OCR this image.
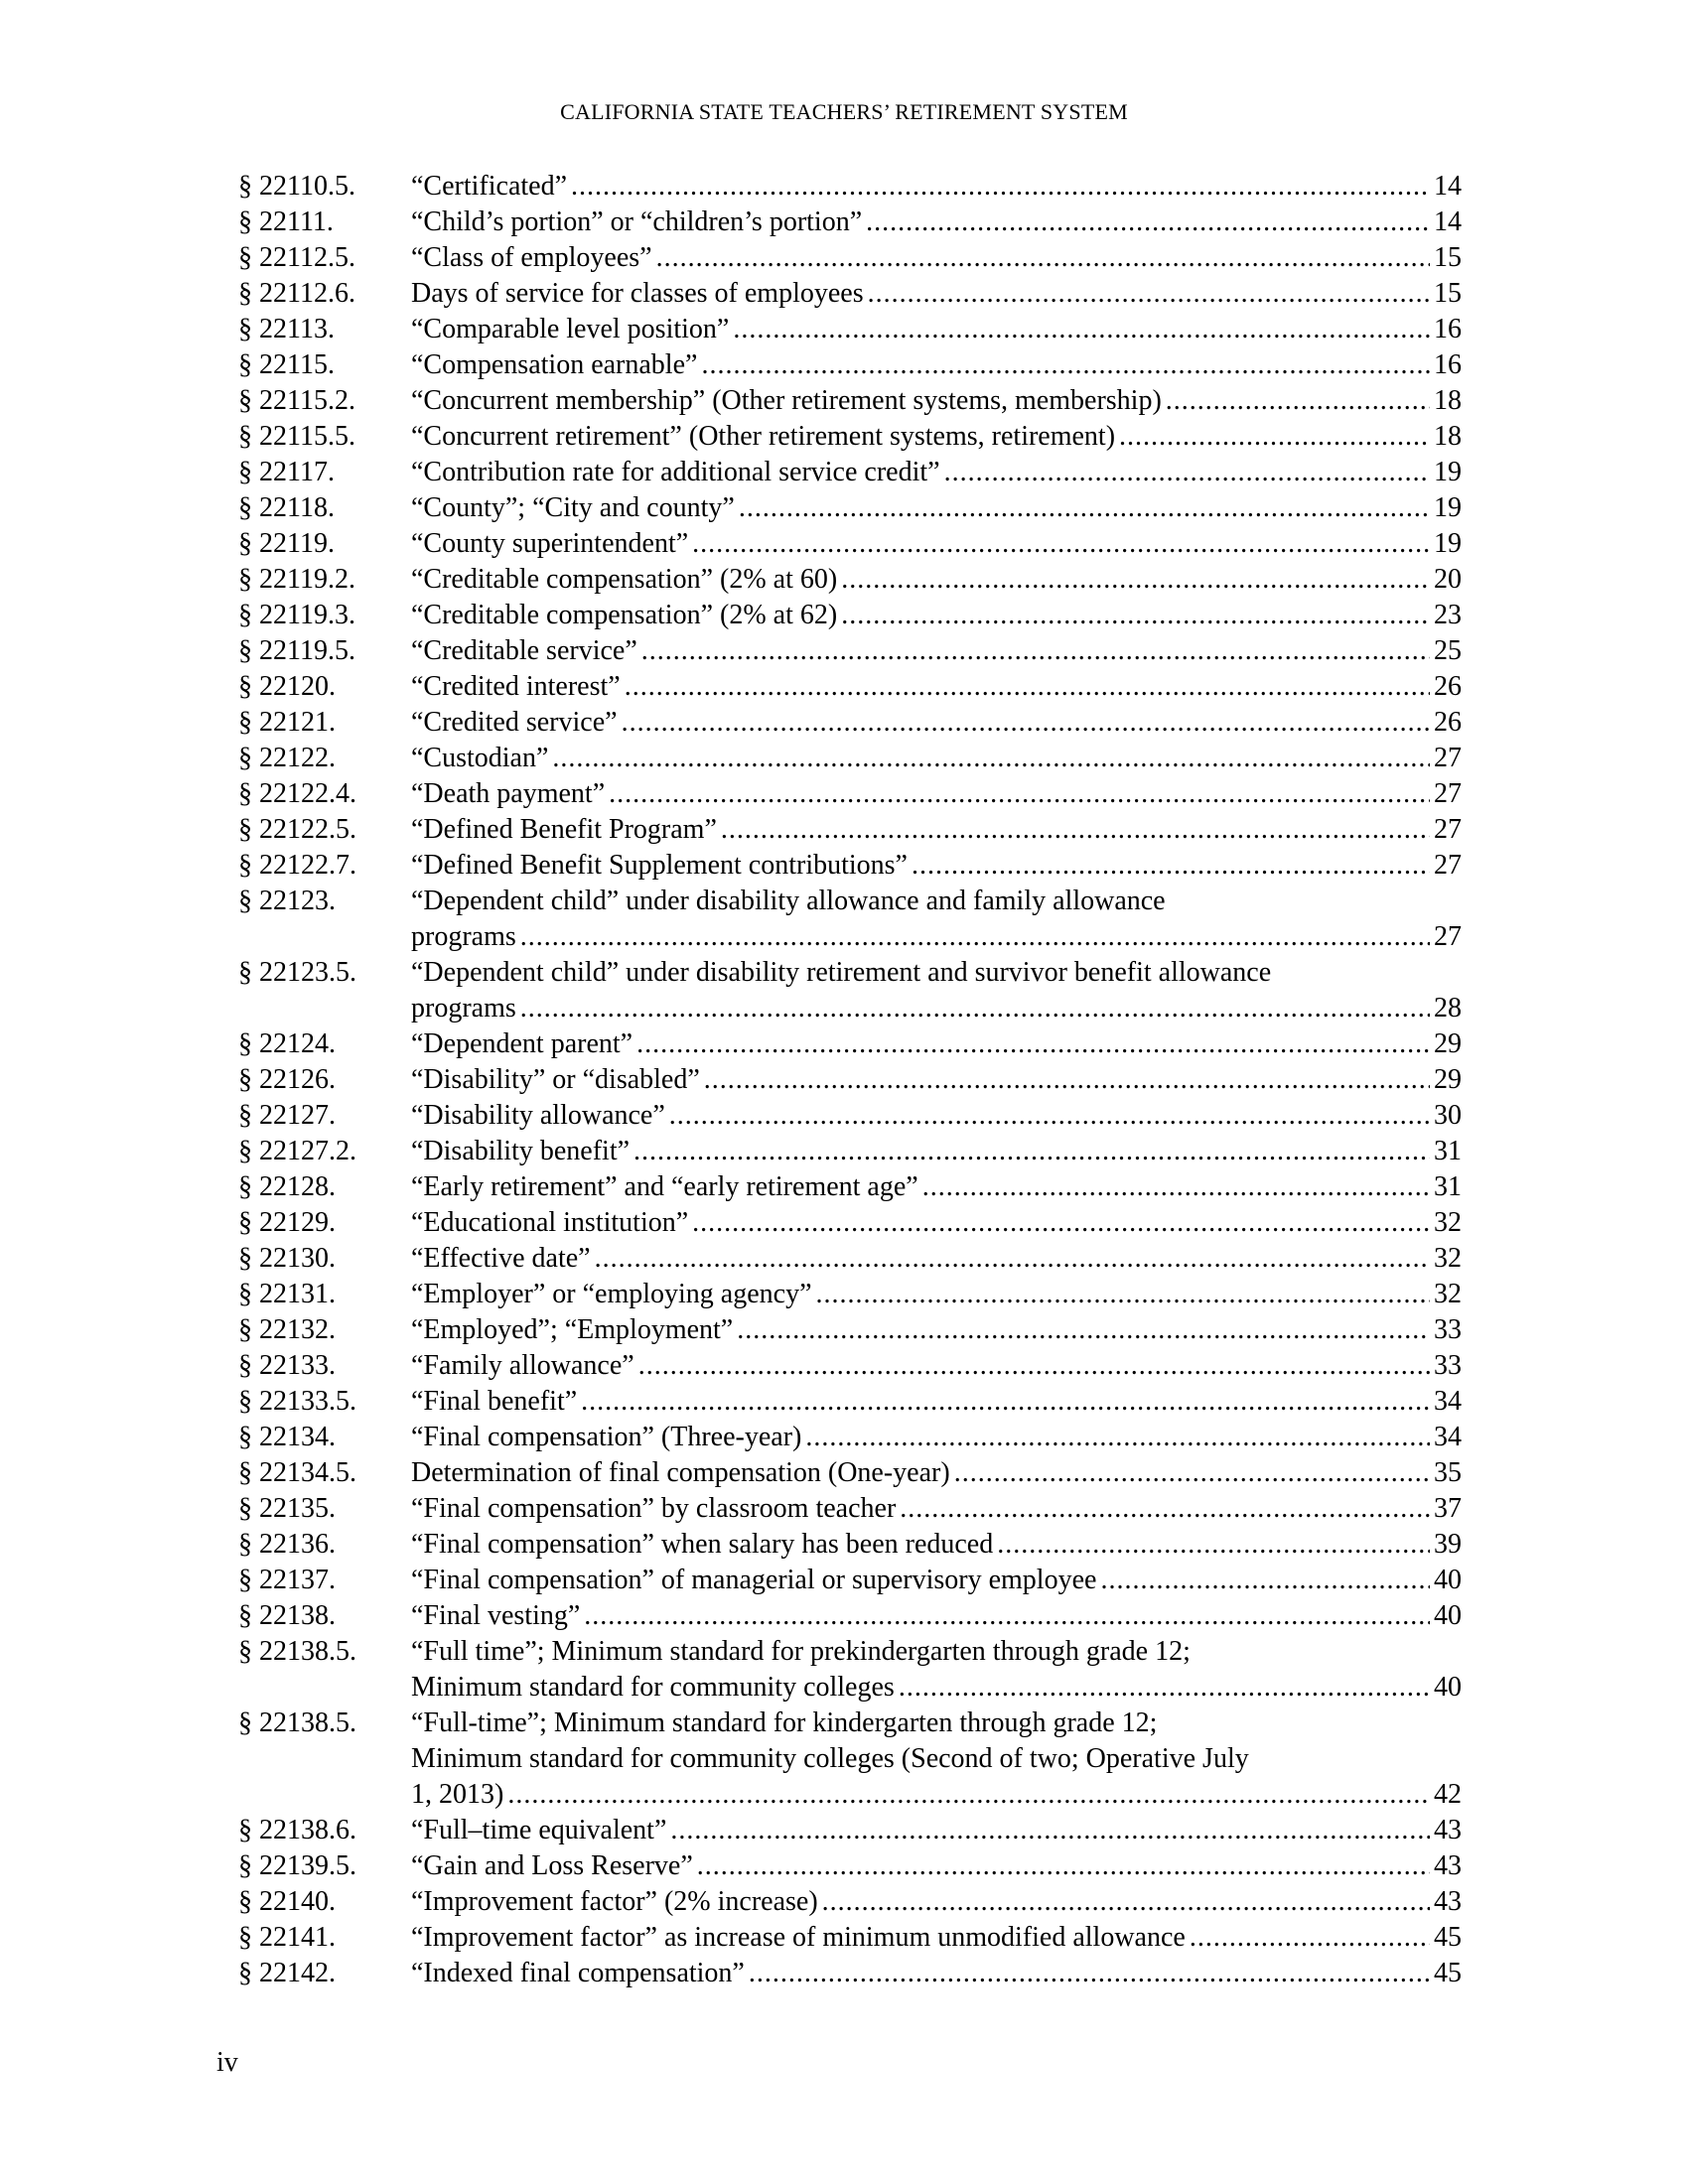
CALIFORNIA STATE TEACHERS’ RETIREMENT SYSTEM
§ 22110.5.	“Certificated” . . .	14
§ 22111.	“Child’s portion” or “children’s portion” . . .	14
§ 22112.5.	“Class of employees” . . .	15
§ 22112.6.	Days of service for classes of employees . . .	15
§ 22113.	“Comparable level position” . . .	16
§ 22115.	“Compensation earnable” . . .	16
§ 22115.2.	“Concurrent membership” (Other retirement systems, membership) . . .	18
§ 22115.5.	“Concurrent retirement” (Other retirement systems, retirement) . . .	18
§ 22117.	“Contribution rate for additional service credit” . . .	19
§ 22118.	“County”; “City and county” . . .	19
§ 22119.	“County superintendent” . . .	19
§ 22119.2.	“Creditable compensation” (2% at 60) . . .	20
§ 22119.3.	“Creditable compensation” (2% at 62) . . .	23
§ 22119.5.	“Creditable service” . . .	25
§ 22120.	“Credited interest” . . .	26
§ 22121.	“Credited service” . . .	26
§ 22122.	“Custodian” . . .	27
§ 22122.4.	“Death payment” . . .	27
§ 22122.5.	“Defined Benefit Program” . . .	27
§ 22122.7.	“Defined Benefit Supplement contributions” . . .	27
§ 22123.	“Dependent child” under disability allowance and family allowance
programs . . .	27
§ 22123.5.	“Dependent child” under disability retirement and survivor benefit allowance
programs . . .	28
§ 22124.	“Dependent parent” . . .	29
§ 22126.	“Disability” or “disabled” . . .	29
§ 22127.	“Disability allowance” . . .	30
§ 22127.2.	“Disability benefit” . . .	31
§ 22128.	“Early retirement” and “early retirement age” . . .	31
§ 22129.	“Educational institution” . . .	32
§ 22130.	“Effective date” . . .	32
§ 22131.	“Employer” or “employing agency” . . .	32
§ 22132.	“Employed”; “Employment” . . .	33
§ 22133.	“Family allowance” . . .	33
§ 22133.5.	“Final benefit” . . .	34
§ 22134.	“Final compensation” (Three-year) . . .	34
§ 22134.5.	Determination of final compensation (One-year) . . .	35
§ 22135.	“Final compensation” by classroom teacher . . .	37
§ 22136.	“Final compensation” when salary has been reduced . . .	39
§ 22137.	“Final compensation” of managerial or supervisory employee . . .	40
§ 22138.	“Final vesting” . . .	40
§ 22138.5.	“Full time”; Minimum standard for prekindergarten through grade 12;
Minimum standard for community colleges . . .	40
§ 22138.5.	“Full-time”; Minimum standard for kindergarten through grade 12;
Minimum standard for community colleges (Second of two; Operative July
1, 2013) . . .	42
§ 22138.6.	“Full–time equivalent” . . .	43
§ 22139.5.	“Gain and Loss Reserve” . . .	43
§ 22140.	“Improvement factor” (2% increase) . . .	43
§ 22141.	“Improvement factor” as increase of minimum unmodified allowance . . .	45
§ 22142.	“Indexed final compensation” . . .	45
iv
